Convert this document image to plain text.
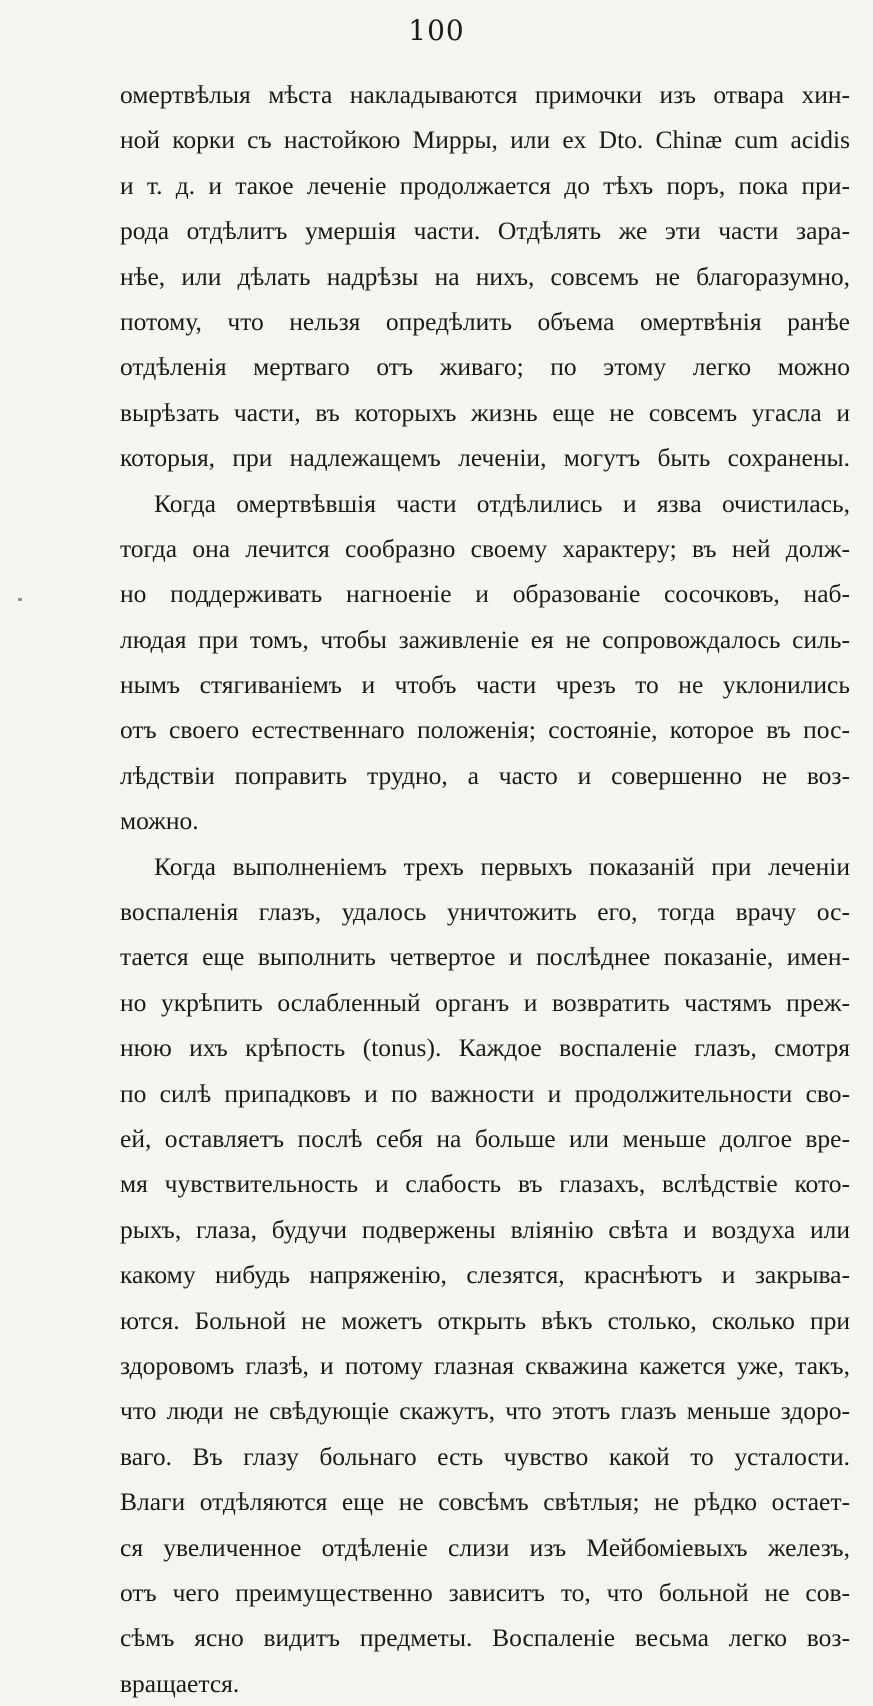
100
омертвѣлыя мѣста накладываются примочки изъ отвара хин-
ной корки съ настойкою Мирры, или ex Dto. Chinæ cum acidis
и т. д. и такое леченіе продолжается до тѣхъ поръ, пока при-
рода отдѣлитъ умершія части. Отдѣлять же эти части зара-
нѣе, или дѣлать надрѣзы на нихъ, совсемъ не благоразумно,
потому, что нельзя опредѣлить объема омертвѣнія ранѣе
отдѣленія мертваго отъ живаго; по этому легко можно
вырѣзать части, въ которыхъ жизнь еще не совсемъ угасла и
которыя, при надлежащемъ леченіи, могутъ быть сохранены.
Когда омертвѣвшія части отдѣлились и язва очистилась,
тогда она лечится сообразно своему характеру; въ ней долж-
но поддерживать нагноеніе и образованіе сосочковъ, наб-
людая при томъ, чтобы заживленіе ея не сопровождалось силь-
нымъ стягиваніемъ и чтобъ части чрезъ то не уклонились
отъ своего естественнаго положенія; состояніе, которое въ пос-
лѣдствіи поправить трудно, а часто и совершенно не воз-
можно.
Когда выполненіемъ трехъ первыхъ показаній при леченіи
воспаленія глазъ, удалось уничтожить его, тогда врачу ос-
тается еще выполнить четвертое и послѣднее показаніе, имен-
но укрѣпить ослабленный органъ и возвратить частямъ преж-
нюю ихъ крѣпость (tonus). Каждое воспаленіе глазъ, смотря
по силѣ припадковъ и по важности и продолжительности сво-
ей, оставляетъ послѣ себя на больше или меньше долгое вре-
мя чувствительность и слабость въ глазахъ, вслѣдствіе кото-
рыхъ, глаза, будучи подвержены вліянію свѣта и воздуха или
какому нибудь напряженію, слезятся, краснѣютъ и закрыва-
ются. Больной не можетъ открыть вѣкъ столько, сколько при
здоровомъ глазѣ, и потому глазная скважина кажется уже, такъ,
что люди не свѣдующіе скажутъ, что этотъ глазъ меньше здоро-
ваго. Въ глазу больнаго есть чувство какой то усталости.
Влаги отдѣляются еще не совсѣмъ свѣтлыя; не рѣдко остает-
ся увеличенное отдѣленіе слизи изъ Мейбоміевыхъ железъ,
отъ чего преимущественно зависитъ то, что больной не сов-
сѣмъ ясно видитъ предметы. Воспаленіе весьма легко воз-
вращается.
